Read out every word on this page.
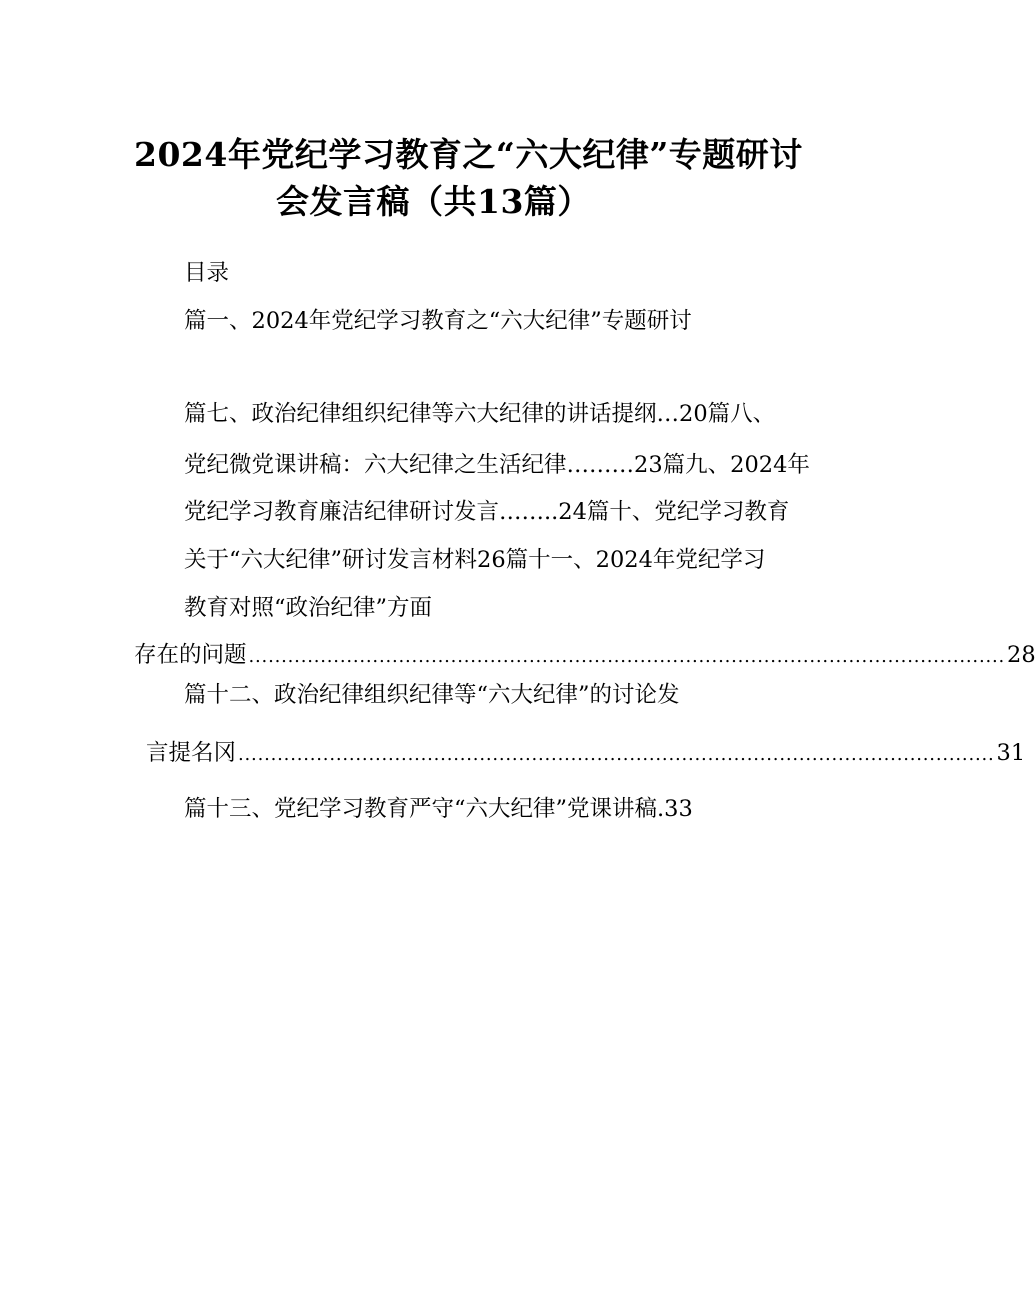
2024年党纪学习教育之“六大纪律”专题研讨
会发言稿（共13篇）
目录
篇一、2024年党纪学习教育之“六大纪律”专题研讨
篇七、政治纪律组织纪律等六大纪律的讲话提纲…20篇八、
党纪微党课讲稿：六大纪律之生活纪律………23篇九、2024年
党纪学习教育廉洁纪律研讨发言……..24篇十、党纪学习教育
关于“六大纪律”研讨发言材料26篇十一、2024年党纪学习
教育对照“政治纪律”方面
存在的问题 .................................................................................................................... 28
篇十二、政治纪律组织纪律等“六大纪律”的讨论发
言提名冈 .................................................................................................................... 31
篇十三、党纪学习教育严守“六大纪律”党课讲稿.33
